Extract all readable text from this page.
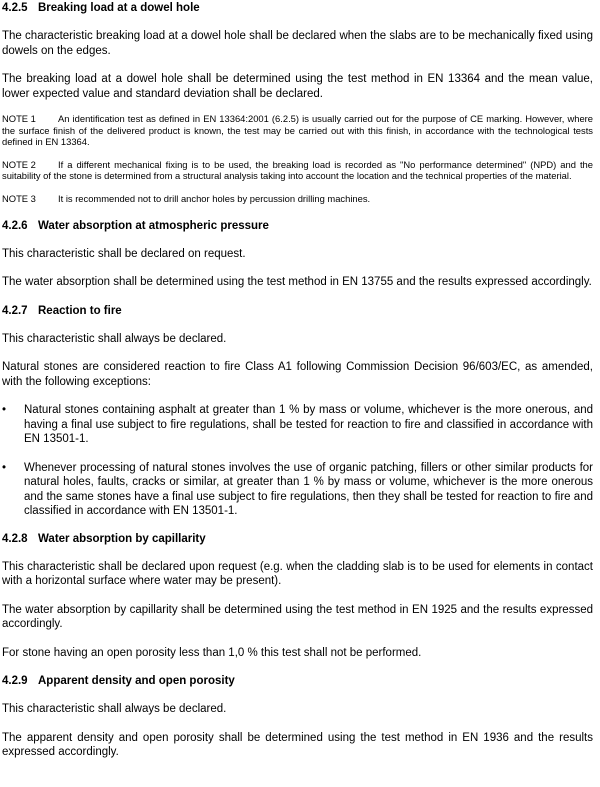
4.2.5 Breaking load at a dowel hole

The characteristic breaking load at a dowel hole shall be declared when the slabs are to be mechanically fixed using dowels on the edges.

The breaking load at a dowel hole shall be determined using the test method in EN 13364 and the mean value, lower expected value and standard deviation shall be declared.

NOTE 1 An identification test as defined in EN 13364:2001 (6.2.5) is usually carried out for the purpose of CE marking. However, where the surface finish of the delivered product is known, the test may be carried out with this finish, in accordance with the technological tests defined in EN 13364.

NOTE 2 If a different mechanical fixing is to be used, the breaking load is recorded as "No performance determined" (NPD) and the suitability of the stone is determined from a structural analysis taking into account the location and the technical properties of the material.

NOTE 3 It is recommended not to drill anchor holes by percussion drilling machines.

4.2.6 Water absorption at atmospheric pressure

This characteristic shall be declared on request.

The water absorption shall be determined using the test method in EN 13755 and the results expressed accordingly.

4.2.7 Reaction to fire

This characteristic shall always be declared.

Natural stones are considered reaction to fire Class A1 following Commission Decision 96/603/EC, as amended, with the following exceptions:

•	Natural stones containing asphalt at greater than 1 % by mass or volume, whichever is the more onerous, and having a final use subject to fire regulations, shall be tested for reaction to fire and classified in accordance with EN 13501-1.
•	Whenever processing of natural stones involves the use of organic patching, fillers or other similar products for natural holes, faults, cracks or similar, at greater than 1 % by mass or volume, whichever is the more onerous and the same stones have a final use subject to fire regulations, then they shall be tested for reaction to fire and classified in accordance with EN 13501-1.
4.2.8 Water absorption by capillarity

This characteristic shall be declared upon request (e.g. when the cladding slab is to be used for elements in contact with a horizontal surface where water may be present).

The water absorption by capillarity shall be determined using the test method in EN 1925 and the results expressed accordingly.

For stone having an open porosity less than 1,0 % this test shall not be performed.

4.2.9 Apparent density and open porosity

This characteristic shall always be declared.

The apparent density and open porosity shall be determined using the test method in EN 1936 and the results expressed accordingly.
